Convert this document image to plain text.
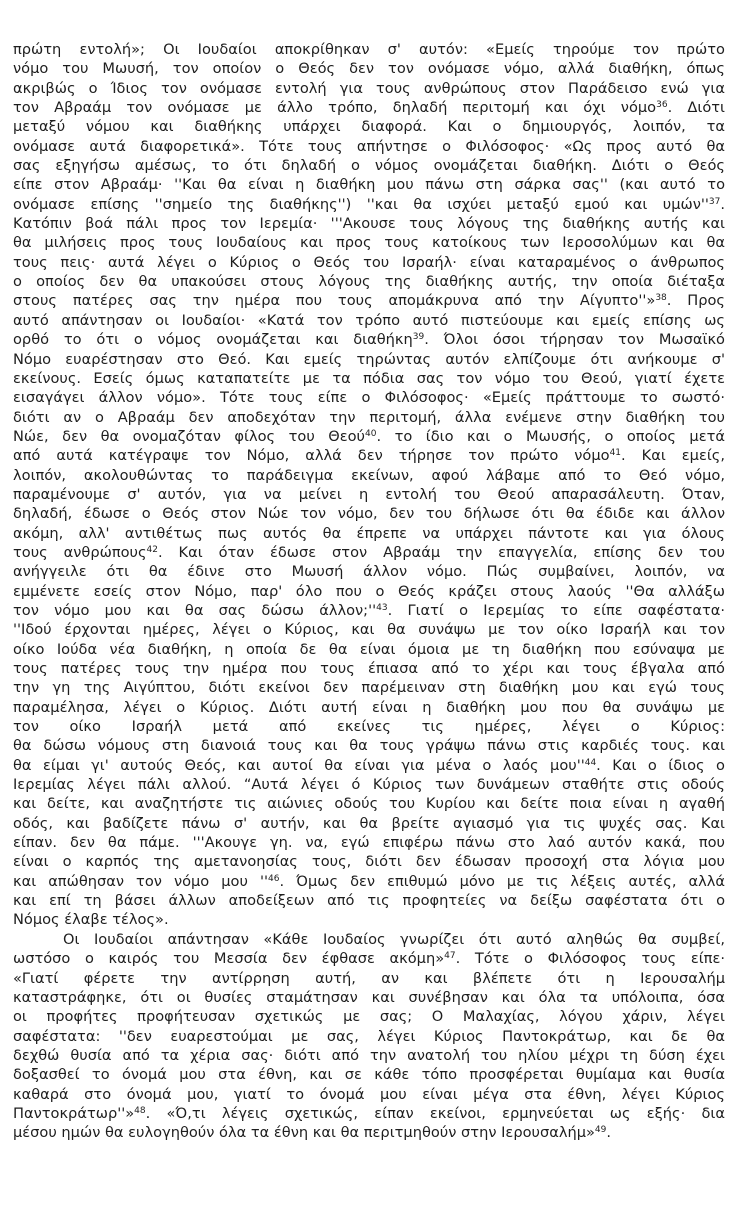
πρώτη εντολή»; Οι Ιουδαίοι αποκρίθηκαν σ' αυτόν: «Εμείς τηρούμε τον πρώτο
νόμο του Μωυσή, τον οποίον ο Θεός δεν τον ονόμασε νόμο, αλλά διαθήκη, όπως
ακριβώς ο Ίδιος τον ονόμασε εντολή για τους ανθρώπους στον Παράδεισο ενώ για
τον Αβραάμ τον ονόμασε με άλλο τρόπο, δηλαδή περιτομή και όχι νόμο$^{36}$. Διότι
μεταξύ νόμου και διαθήκης υπάρχει διαφορά. Και ο δημιουργός, λοιπόν, τα
ονόμασε αυτά διαφορετικά». Τότε τους απήντησε ο Φιλόσοφος· «Ως προς αυτό θα
σας εξηγήσω αμέσως, το ότι δηλαδή ο νόμος ονομάζεται διαθήκη. Διότι ο Θεός
είπε στον Αβραάμ· ''Και θα είναι η διαθήκη μου πάνω στη σάρκα σας'' (και αυτό το
ονόμασε επίσης ''σημείο της διαθήκης'') ''και θα ισχύει μεταξύ εμού και $\upsilon\mu ώ\nu''^{37}$.
Κατόπιν βοά πάλι προς τον Ιερεμία· '''Ακουσε τους λόγους της διαθήκης αυτής και
θα μιλήσεις προς τους Ιουδαίους και προς τους κατοίκους των Ιεροσολύμων και θα
τους πεις· αυτά λέγει ο Κύριος ο Θεός του Ισραήλ· είναι καταραμένος ο άνθρωπος
ο οποίος δεν θα υπακούσει στους λόγους της διαθήκης αυτής, την οποία διέταξα
στους πατέρες σας την ημέρα που τους απομάκρυνα από την Αίγυπτο''»$^{38}$. Προς
αυτό απάντησαν οι Ιουδαίοι· «Κατά τον τρόπο αυτό πιστεύουμε και εμείς επίσης ως
ορθό το ότι ο νόμος ονομάζεται και διαθήκη$^{39}$. Όλοι όσοι τήρησαν τον Μωσαϊκό
Νόμο ευαρέστησαν στο Θεό. Και εμείς τηρώντας αυτόν ελπίζουμε ότι ανήκουμε σ'
εκείνους. Εσείς όμως καταπατείτε με τα πόδια σας τον νόμο του Θεού, γιατί έχετε
εισαγάγει άλλον νόμο». Τότε τους είπε ο Φιλόσοφος· «Εμείς πράττουμε το σωστό·
διότι αν ο Αβραάμ δεν αποδεχόταν την περιτομή, άλλα ενέμενε στην διαθήκη του
Νώε, δεν θα ονομαζόταν φίλος του Θεού$^{40}$. το ίδιο και ο Μωυσής, ο οποίος μετά
από αυτά κατέγραψε τον Νόμο, αλλά δεν τήρησε τον πρώτο νόμο$^{41}$. Και εμείς,
λοιπόν, ακολουθώντας το παράδειγμα εκείνων, αφού λάβαμε από το Θεό νόμο,
παραμένουμε σ' αυτόν, για να μείνει η εντολή του Θεού απαρασάλευτη. Όταν,
δηλαδή, έδωσε ο Θεός στον Νώε τον νόμο, δεν του δήλωσε ότι θα έδιδε και άλλον
ακόμη, αλλ' αντιθέτως πως αυτός θα έπρεπε να υπάρχει πάντοτε και για όλους
τους ανθρώπους$^{42}$. Και όταν έδωσε στον Αβραάμ την επαγγελία, επίσης δεν του
ανήγγειλε ότι θα έδινε στο Μωυσή άλλον νόμο. Πώς συμβαίνει, λοιπόν, να
εμμένετε εσείς στον Νόμο, παρ' όλο που ο Θεός κράζει στους λαούς ''Θα αλλάξω
τον νόμο μου και θα σας δώσω $ά\lambda\lambda o\nu;''^{43}$. Γιατί ο Ιερεμίας το είπε σαφέστατα·
''Ιδού έρχονται ημέρες, λέγει ο Κύριος, και θα συνάψω με τον οίκο Ισραήλ και τον
οίκο Ιούδα νέα διαθήκη, η οποία δε θα είναι όμοια με τη διαθήκη που εσύναψα με
τους πατέρες τους την ημέρα που τους έπιασα από το χέρι και τους έβγαλα από
την γη της Αιγύπτου, διότι εκείνοι δεν παρέμειναν στη διαθήκη μου και εγώ τους
παραμέλησα, λέγει ο Κύριος. Διότι αυτή είναι η διαθήκη μου που θα συνάψω με
τον οίκο Ισραήλ μετά από εκείνες τις ημέρες, λέγει ο Κύριος:
θα δώσω νόμους στη διανοιά τους και θα τους γράψω πάνω στις καρδιές τους. και
θα είμαι γι' αυτούς Θεός, και αυτοί θα είναι για μένα ο λαός $\mu o\upsilon''^{44}$. Και ο ίδιος ο
Ιερεμίας λέγει πάλι αλλού. “Αυτά λέγει ό Κύριος των δυνάμεων σταθήτε στις οδούς
και δείτε, και αναζητήστε τις αιώνιες οδούς του Κυρίου και δείτε ποια είναι η αγαθή
οδός, και βαδίζετε πάνω σ' αυτήν, και θα βρείτε αγιασμό για τις ψυχές σας. Και
είπαν. δεν θα πάμε. '''Ακουγε γη. να, εγώ επιφέρω πάνω στο λαό αυτόν κακά, που
είναι ο καρπός της αμετανοησίας τους, διότι δεν έδωσαν προσοχή στα λόγια μου
και απώθησαν τον νόμο μου ''$^{46}$. Όμως δεν επιθυμώ μόνο με τις λέξεις αυτές, αλλά
και επί τη βάσει άλλων αποδείξεων από τις προφητείες να δείξω σαφέστατα ότι ο
Νόμος έλαβε τέλος».
Οι Ιουδαίοι απάντησαν «Κάθε Ιουδαίος γνωρίζει ότι αυτό αληθώς θα συμβεί,
ωστόσο ο καιρός του Μεσσία δεν έφθασε ακόμη»$^{47}$. Τότε ο Φιλόσοφος τους είπε·
«Γιατί φέρετε την αντίρρηση αυτή, αν και βλέπετε ότι η Ιερουσαλήμ
καταστράφηκε, ότι οι θυσίες σταμάτησαν και συνέβησαν και όλα τα υπόλοιπα, όσα
οι προφήτες προφήτευσαν σχετικώς με σας; Ο Μαλαχίας, λόγου χάριν, λέγει
σαφέστατα: ''δεν ευαρεστούμαι με σας, λέγει Κύριος Παντοκράτωρ, και δε θα
δεχθώ θυσία από τα χέρια σας· διότι από την ανατολή του ηλίου μέχρι τη δύση έχει
δοξασθεί το όνομά μου στα έθνη, και σε κάθε τόπο προσφέρεται θυμίαμα και θυσία
καθαρά στο όνομά μου, γιατί το όνομά μου είναι μέγα στα έθνη, λέγει Κύριος
Παντοκράτωρ''»$^{48}$. «Ό,τι λέγεις σχετικώς, είπαν εκείνοι, ερμηνεύεται ως εξής· δια
μέσου ημών θα ευλογηθούν όλα τα έθνη και θα περιτμηθούν στην Ιερουσαλήμ»$^{49}$.
